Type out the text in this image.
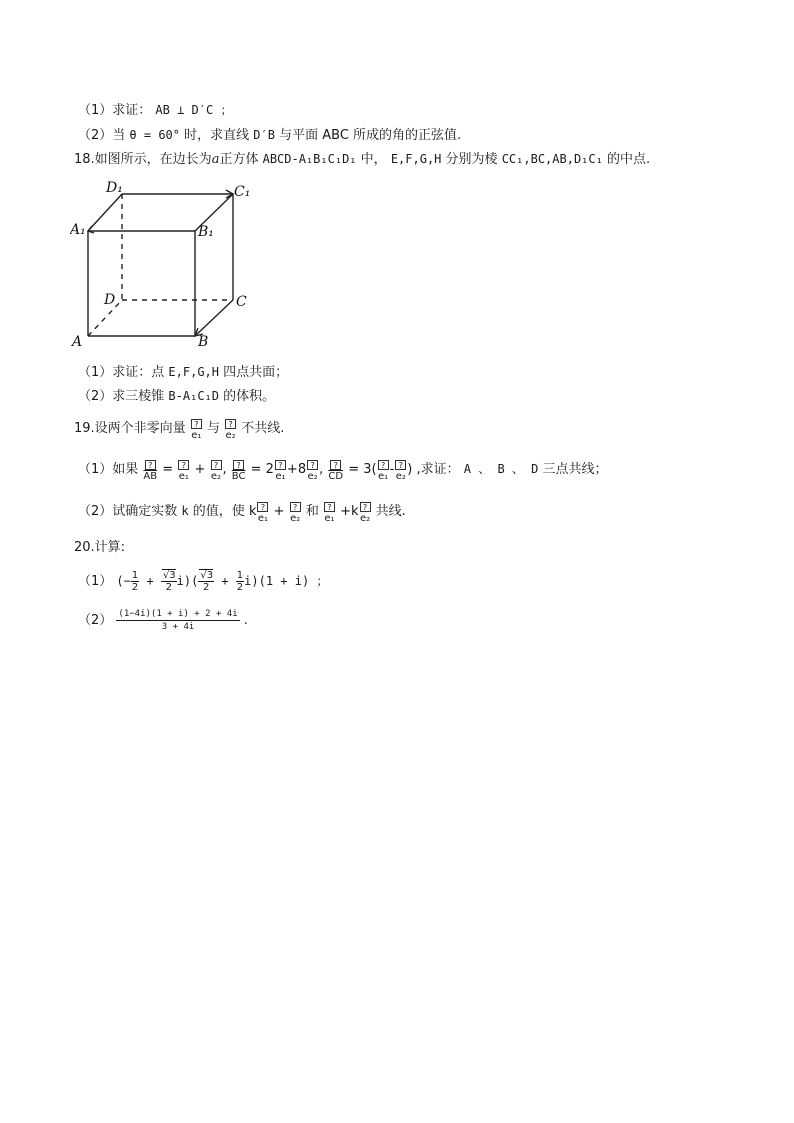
（1）求证： AB ⊥ D′C ；
（2）当 θ = 60° 时，求直线 D′B 与平面 ABC 所成的角的正弦值.
18.如图所示，在边长为a正方体 ABCD-A₁B₁C₁D₁ 中， E,F,G,H 分别为棱 CC₁,BC,AB,D₁C₁ 的中点.
D₁	C₁
A₁	B₁
D	C
A	B
（1）求证：点 E,F,G,H 四点共面；
（2）求三棱锥 B-A₁C₁D 的体积。
19.设两个非零向量 ?
e₁ 与 ?
e₂ 不共线.
（1）如果 ?
$\overline{AB}$ = ?
e₁ + ?
e₂ , ?
$\overline{BC} = 2$ ?
e₁ +8 ?
e₂ , ?
$\overline{CD} = 3$( ?
e₁ - ?
e₂ ) ,求证： A 、 B 、 D 三点共线；
（2）试确定实数 k 的值，使 k ?
e₁ + ?
e₂ 和 ?
e₁ +k ?
e₂ 共线.
20.计算:
（1） (− $\frac{1}{2} + \frac{√3}{2} i)( \frac{√3}{2} + \frac{1}{2} i)(1 + i)$ ；
$(2) \frac{(1-4i)(1 + i) + 2 + 4i}{3 + 4i}$ .
